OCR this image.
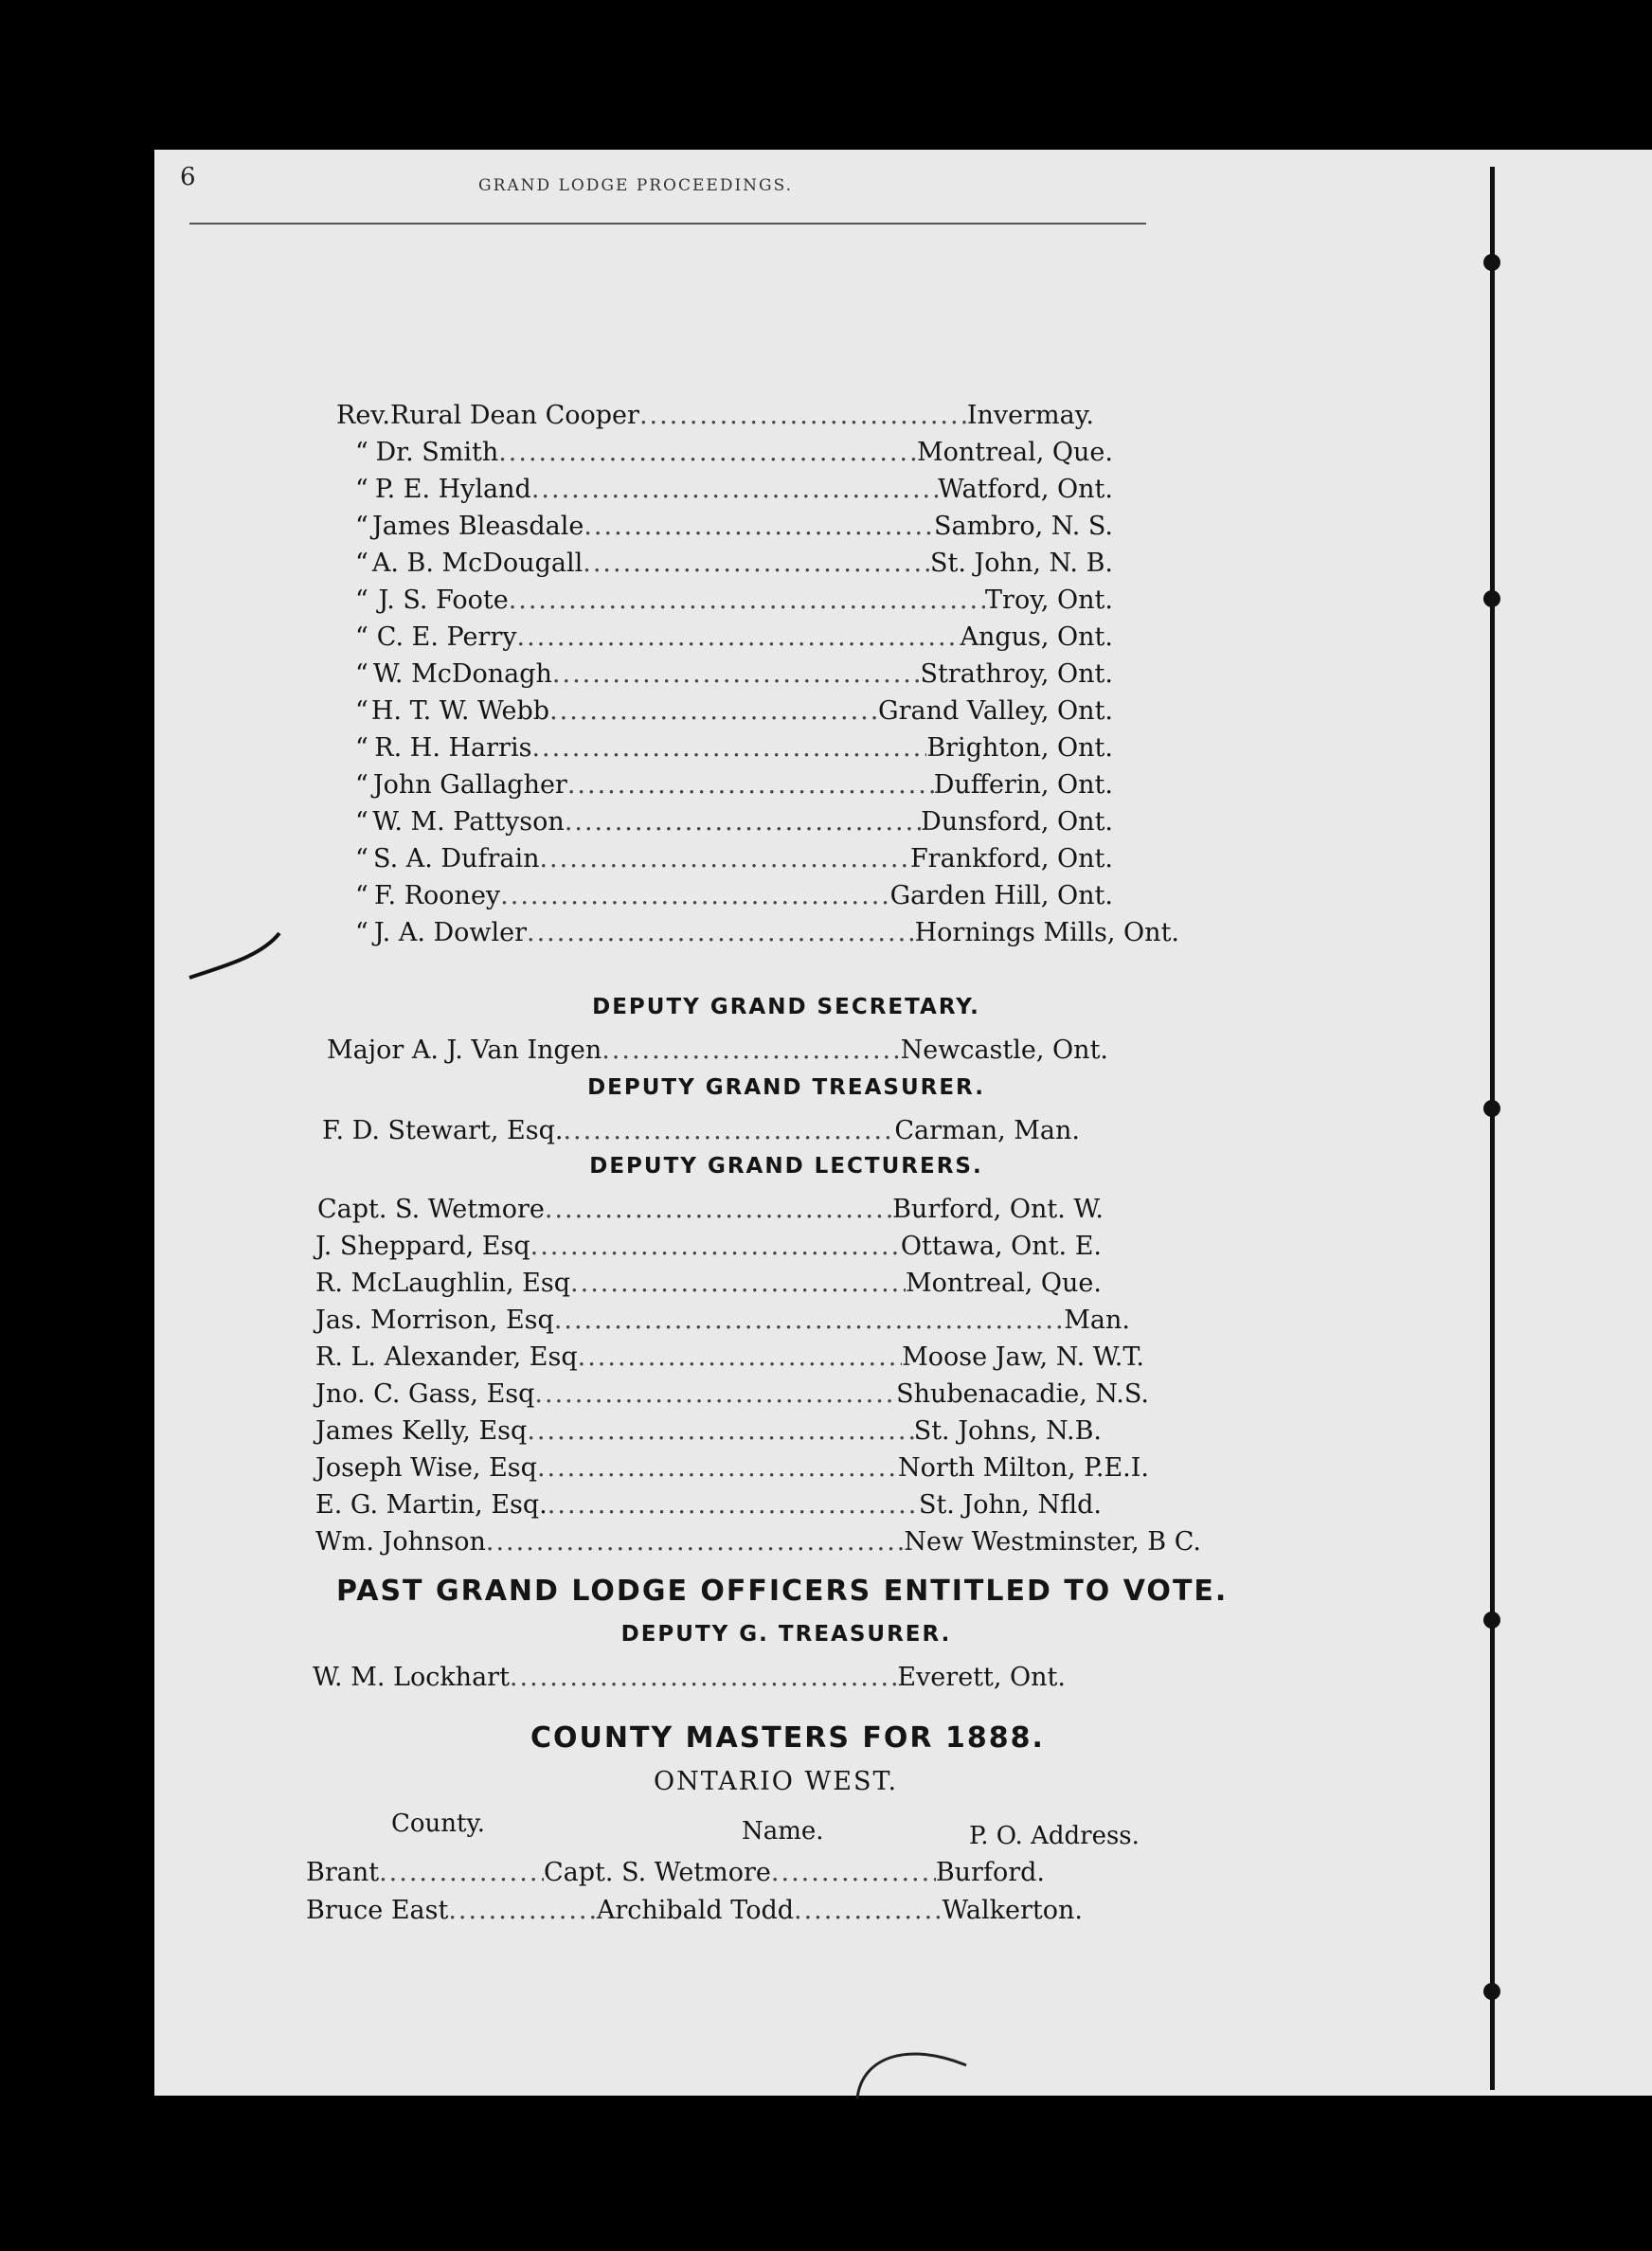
6	GRAND LODGE PROCEEDINGS.
Rev. Rural Dean Cooper .....	Invermay.
“ Dr. Smith .....	Montreal, Que.
“ P. E. Hyland .....	Watford, Ont.
“ James Bleasdale .....	Sambro, N. S.
“ A. B. McDougall .....	St. John, N. B.
“ J. S. Foote .....	Troy, Ont.
“ C. E. Perry .....	Angus, Ont.
“ W. McDonagh .....	Strathroy, Ont.
“ H. T. W. Webb .....	Grand Valley, Ont.
“ R. H. Harris .....	Brighton, Ont.
“ John Gallagher .....	Dufferin, Ont.
“ W. M. Pattyson .....	Dunsford, Ont.
“ S. A. Dufrain .....	Frankford, Ont.
“ F. Rooney .....	Garden Hill, Ont.
“ J. A. Dowler .....	Hornings Mills, Ont.
DEPUTY GRAND SECRETARY.
Major A. J. Van Ingen .....	Newcastle, Ont.
DEPUTY GRAND TREASURER.
F. D. Stewart, Esq. .....	Carman, Man.
DEPUTY GRAND LECTURERS.
Capt. S. Wetmore .....	Burford, Ont. W.
J. Sheppard, Esq .....	Ottawa, Ont. E.
R. McLaughlin, Esq .....	Montreal, Que.
Jas. Morrison, Esq .....	Man.
R. L. Alexander, Esq .....	Moose Jaw, N. W.T.
Jno. C. Gass, Esq .....	Shubenacadie, N.S.
James Kelly, Esq .....	St. Johns, N.B.
Joseph Wise, Esq .....	North Milton, P.E.I.
E. G. Martin, Esq. .....	St. John, Nfld.
Wm. Johnson .....	New Westminster, B C.
PAST GRAND LODGE OFFICERS ENTITLED TO VOTE.
DEPUTY G. TREASURER.
W. M. Lockhart .....	Everett, Ont.
COUNTY MASTERS FOR 1888.
ONTARIO WEST.
County.	Name.	P. O. Address.
Brant .....	Capt. S. Wetmore .....	Burford.
Bruce East .....	Archibald Todd .....	Walkerton.
